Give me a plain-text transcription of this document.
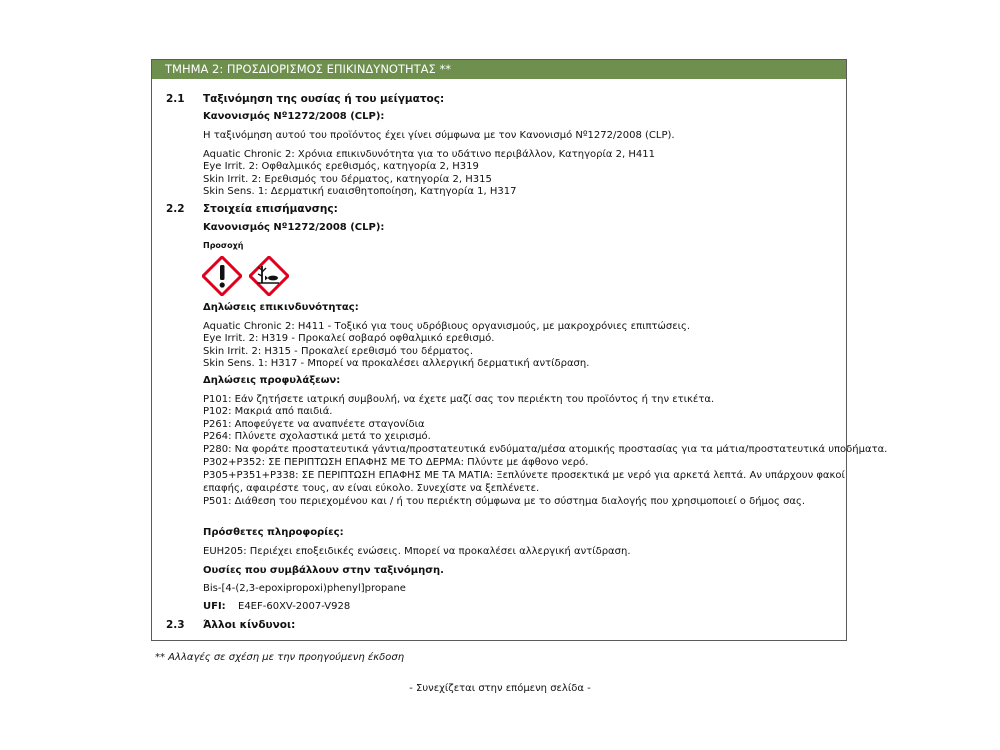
ΤΜΗΜΑ 2: ΠΡΟΣΔΙΟΡΙΣΜΟΣ ΕΠΙΚΙΝΔΥΝΟΤΗΤΑΣ **
2.1 Ταξινόμηση της ουσίας ή του μείγματος:
Κανονισμός Nº1272/2008 (CLP):
Η ταξινόμηση αυτού του προϊόντος έχει γίνει σύμφωνα με τον Κανονισμό Nº1272/2008 (CLP).
Aquatic Chronic 2: Χρόνια επικινδυνότητα για το υδάτινο περιβάλλον, Κατηγορία 2, H411
Eye Irrit. 2: Οφθαλμικός ερεθισμός, κατηγορία 2, H319
Skin Irrit. 2: Ερεθισμός του δέρματος, κατηγορία 2, H315
Skin Sens. 1: Δερματική ευαισθητοποίηση, Κατηγορία 1, H317
2.2 Στοιχεία επισήμανσης:
Κανονισμός Nº1272/2008 (CLP):
Προσοχή
Δηλώσεις επικινδυνότητας:
Aquatic Chronic 2: H411 - Τοξικό για τους υδρόβιους οργανισμούς, με μακροχρόνιες επιπτώσεις.
Eye Irrit. 2: H319 - Προκαλεί σοβαρό οφθαλμικό ερεθισμό.
Skin Irrit. 2: H315 - Προκαλεί ερεθισμό του δέρματος.
Skin Sens. 1: H317 - Μπορεί να προκαλέσει αλλεργική δερματική αντίδραση.
Δηλώσεις προφυλάξεων:
P101: Εάν ζητήσετε ιατρική συμβουλή, να έχετε μαζί σας τον περιέκτη του προϊόντος ή την ετικέτα.
P102: Μακριά από παιδιά.
P261: Αποφεύγετε να αναπνέετε σταγονίδια
P264: Πλύνετε σχολαστικά μετά το χειρισμό.
P280: Να φοράτε προστατευτικά γάντια/προστατευτικά ενδύματα/μέσα ατομικής προστασίας για τα μάτια/προστατευτικά υποδήματα.
P302+P352: ΣΕ ΠΕΡΙΠΤΩΣΗ ΕΠΑΦΗΣ ΜΕ ΤΟ ΔΕΡΜΑ: Πλύντε με άφθονο νερό.
P305+P351+P338: ΣΕ ΠΕΡΙΠΤΩΣΗ ΕΠΑΦΗΣ ΜΕ ΤΑ ΜΑΤΙΑ: Ξεπλύνετε προσεκτικά με νερό για αρκετά λεπτά. Αν υπάρχουν φακοί
επαφής, αφαιρέστε τους, αν είναι εύκολο. Συνεχίστε να ξεπλένετε.
P501: Διάθεση του περιεχομένου και / ή του περιέκτη σύμφωνα με το σύστημα διαλογής που χρησιμοποιεί ο δήμος σας.
Πρόσθετες πληροφορίες:
EUH205: Περιέχει εποξειδικές ενώσεις. Μπορεί να προκαλέσει αλλεργική αντίδραση.
Ουσίες που συμβάλλουν στην ταξινόμηση.
Bis-[4-(2,3-epoxipropoxi)phenyl]propane
UFI: E4EF-60XV-2007-V928
2.3 Άλλοι κίνδυνοι:
** Αλλαγές σε σχέση με την προηγούμενη έκδοση
- Συνεχίζεται στην επόμενη σελίδα -
